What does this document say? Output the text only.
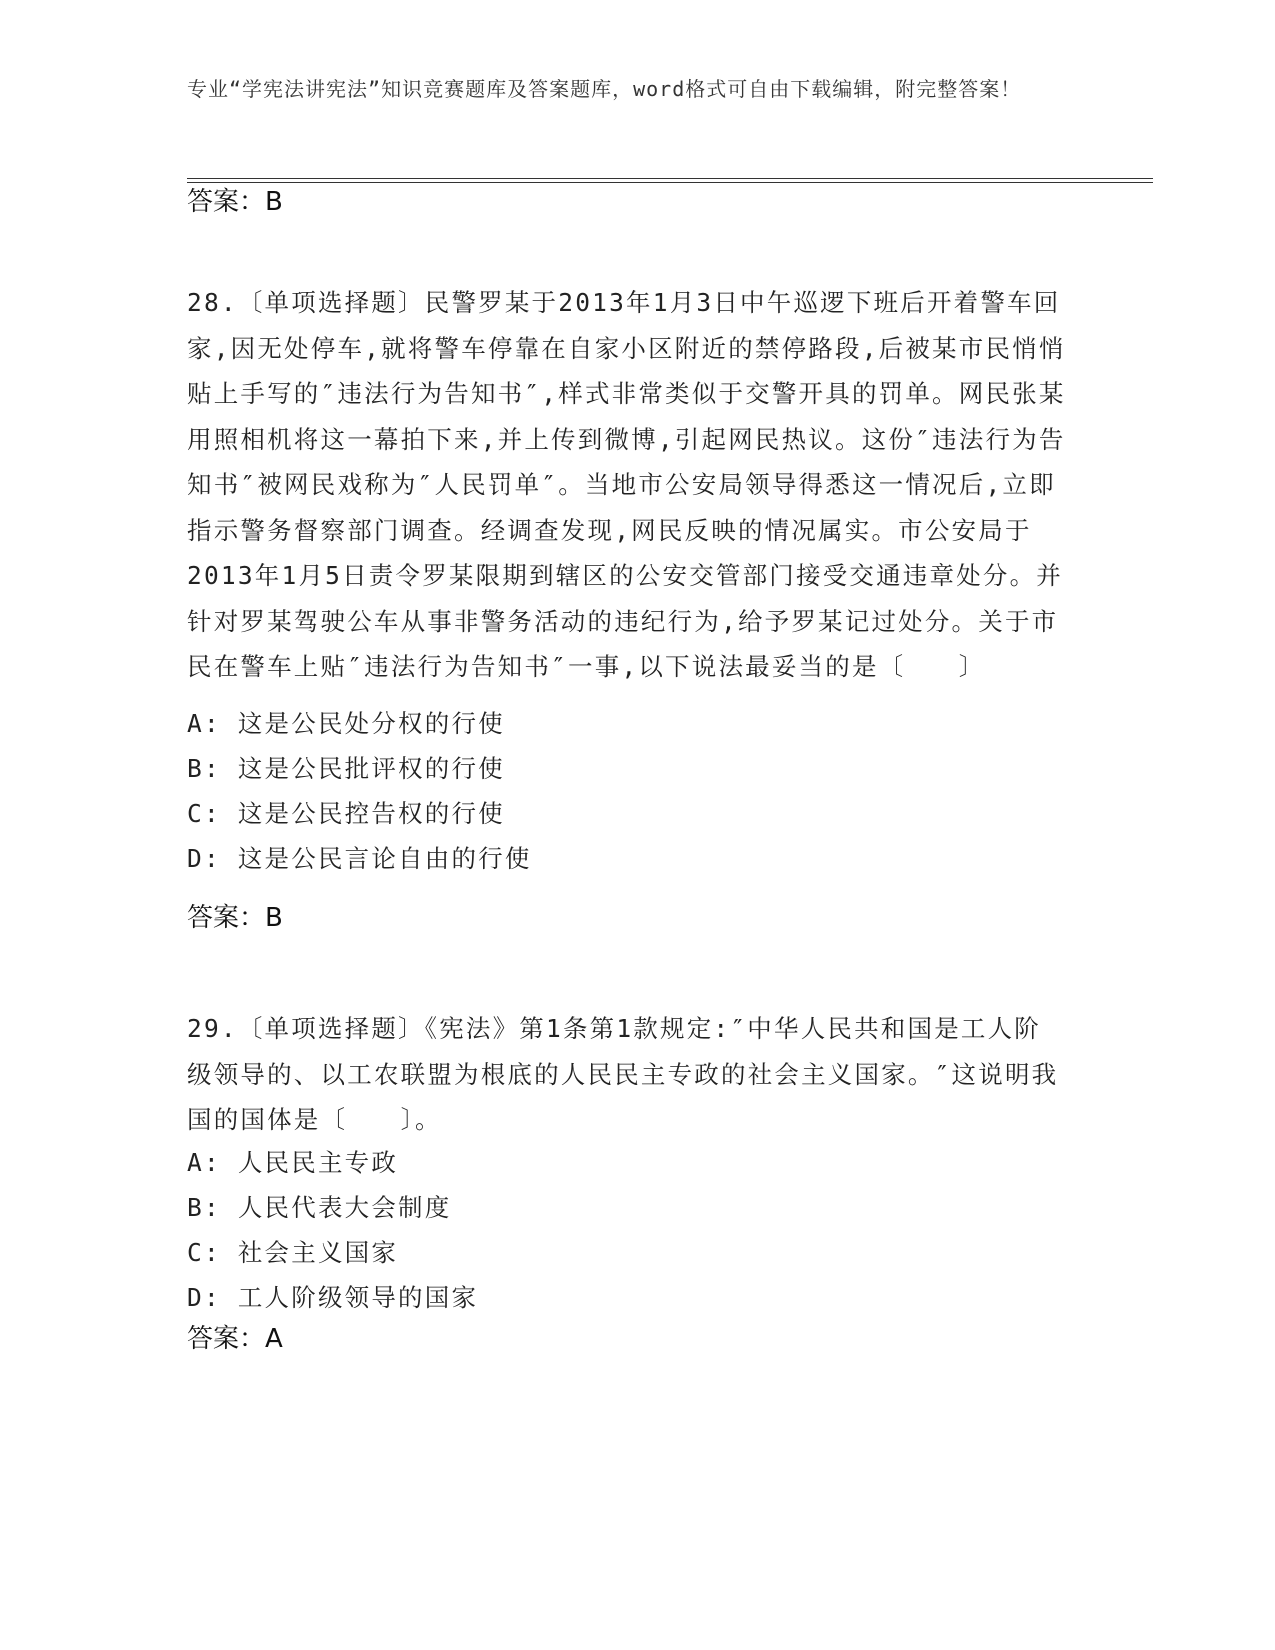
专业“学宪法讲宪法”知识竞赛题库及答案题库，word格式可自由下载编辑，附完整答案！
答案：B
28.〔单项选择题〕民警罗某于2013年1月3日中午巡逻下班后开着警车回家,因无处停车,就将警车停靠在自家小区附近的禁停路段,后被某市民悄悄贴上手写的″违法行为告知书″,样式非常类似于交警开具的罚单。网民张某用照相机将这一幕拍下来,并上传到微博,引起网民热议。这份″违法行为告知书″被网民戏称为″人民罚单″。当地市公安局领导得悉这一情况后,立即指示警务督察部门调查。经调查发现,网民反映的情况属实。市公安局于2013年1月5日责令罗某限期到辖区的公安交管部门接受交通违章处分。并针对罗某驾驶公车从事非警务活动的违纪行为,给予罗某记过处分。关于市民在警车上贴″违法行为告知书″一事,以下说法最妥当的是〔　　〕
A: 这是公民处分权的行使
B: 这是公民批评权的行使
C: 这是公民控告权的行使
D: 这是公民言论自由的行使
答案：B
29.〔单项选择题〕《宪法》第1条第1款规定:″中华人民共和国是工人阶级领导的、以工农联盟为根底的人民民主专政的社会主义国家。″这说明我国的国体是〔　　〕。
A: 人民民主专政
B: 人民代表大会制度
C: 社会主义国家
D: 工人阶级领导的国家
答案：A
